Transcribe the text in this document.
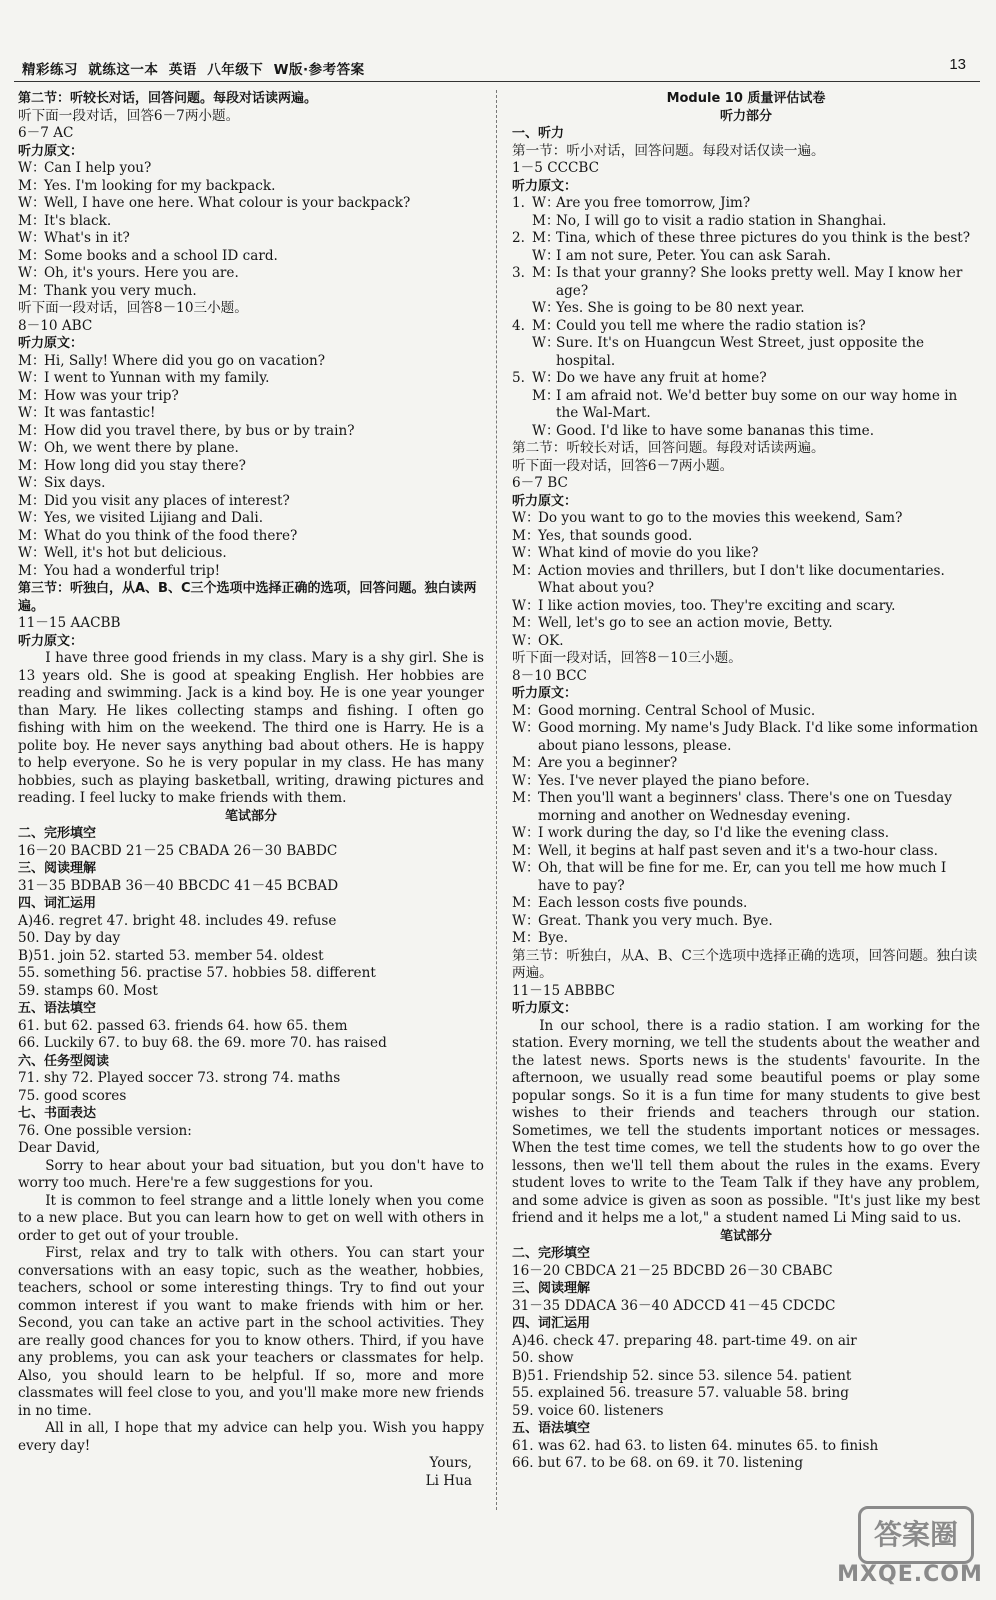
精彩练习  就练这一本  英语  八年级下  W版·参考答案	13
第二节：听较长对话，回答问题。每段对话读两遍。
听下面一段对话，回答6－7两小题。
6－7 AC
听力原文：
W：
Can I help you?
M：
Yes. I'm looking for my backpack.
W：
Well, I have one here. What colour is your backpack?
M：
It's black.
W：
What's in it?
M：
Some books and a school ID card.
W：
Oh, it's yours. Here you are.
M：
Thank you very much.
听下面一段对话，回答8－10三小题。
8－10 ABC
听力原文：
M：
Hi, Sally! Where did you go on vacation?
W：
I went to Yunnan with my family.
M：
How was your trip?
W：
It was fantastic!
M：
How did you travel there, by bus or by train?
W：
Oh, we went there by plane.
M：
How long did you stay there?
W：
Six days.
M：
Did you visit any places of interest?
W：
Yes, we visited Lijiang and Dali.
M：
What do you think of the food there?
W：
Well, it's hot but delicious.
M：
You had a wonderful trip!
第三节：听独白，从A、B、C三个选项中选择正确的选项，回答问题。独白读两遍。
11－15 AACBB
听力原文：
I have three good friends in my class. Mary is a shy girl. She is 13 years old. She is good at speaking English. Her hobbies are reading and swimming. Jack is a kind boy. He is one year younger than Mary. He likes collecting stamps and fishing. I often go fishing with him on the weekend. The third one is Harry. He is a polite boy. He never says anything bad about others. He is happy to help everyone. So he is very popular in my class. He has many hobbies, such as playing basketball, writing, drawing pictures and reading. I feel lucky to make friends with them.
笔试部分
二、完形填空
16－20 BACBD 21－25 CBADA 26－30 BABDC
三、阅读理解
31－35 BDBAB 36－40 BBCDC 41－45 BCBAD
四、词汇运用
A)46. regret 47. bright 48. includes 49. refuse
50. Day by day
B)51. join 52. started 53. member 54. oldest
55. something 56. practise 57. hobbies 58. different
59. stamps 60. Most
五、语法填空
61. but 62. passed 63. friends 64. how 65. them
66. Luckily 67. to buy 68. the 69. more 70. has raised
六、任务型阅读
71. shy 72. Played soccer 73. strong 74. maths
75. good scores
七、书面表达
76. One possible version:
Dear David,
Sorry to hear about your bad situation, but you don't have to worry too much. Here're a few suggestions for you.
It is common to feel strange and a little lonely when you come to a new place. But you can learn how to get on well with others in order to get out of your trouble.
First, relax and try to talk with others. You can start your conversations with an easy topic, such as the weather, hobbies, teachers, school or some interesting things. Try to find out your common interest if you want to make friends with him or her. Second, you can take an active part in the school activities. They are really good chances for you to know others. Third, if you have any problems, you can ask your teachers or classmates for help. Also, you should learn to be helpful. If so, more and more classmates will feel close to you, and you'll make more new friends in no time.
All in all, I hope that my advice can help you. Wish you happy every day!
Yours,
Li Hua
Module 10 质量评估试卷
听力部分
一、听力
第一节：听小对话，回答问题。每段对话仅读一遍。
1－5 CCCBC
听力原文：
1. W：
Are you free tomorrow, Jim?
M：
No, I will go to visit a radio station in Shanghai.
2. M：
Tina, which of these three pictures do you think is the best?
W：
I am not sure, Peter. You can ask Sarah.
3. M：
Is that your granny? She looks pretty well. May I know her age?
W：
Yes. She is going to be 80 next year.
4. M：
Could you tell me where the radio station is?
W：
Sure. It's on Huangcun West Street, just opposite the hospital.
5. W：
Do we have any fruit at home?
M：
I am afraid not. We'd better buy some on our way home in the Wal-Mart.
W：
Good. I'd like to have some bananas this time.
第二节：听较长对话，回答问题。每段对话读两遍。
听下面一段对话，回答6－7两小题。
6－7 BC
听力原文：
W：
Do you want to go to the movies this weekend, Sam?
M：
Yes, that sounds good.
W：
What kind of movie do you like?
M：
Action movies and thrillers, but I don't like documentaries. What about you?
W：
I like action movies, too. They're exciting and scary.
M：
Well, let's go to see an action movie, Betty.
W：
OK.
听下面一段对话，回答8－10三小题。
8－10 BCC
听力原文：
M：
Good morning. Central School of Music.
W：
Good morning. My name's Judy Black. I'd like some information about piano lessons, please.
M：
Are you a beginner?
W：
Yes. I've never played the piano before.
M：
Then you'll want a beginners' class. There's one on Tuesday morning and another on Wednesday evening.
W：
I work during the day, so I'd like the evening class.
M：
Well, it begins at half past seven and it's a two-hour class.
W：
Oh, that will be fine for me. Er, can you tell me how much I have to pay?
M：
Each lesson costs five pounds.
W：
Great. Thank you very much. Bye.
M：
Bye.
第三节：听独白，从A、B、C三个选项中选择正确的选项，回答问题。独白读两遍。
11－15 ABBBC
听力原文：
In our school, there is a radio station. I am working for the station. Every morning, we tell the students about the weather and the latest news. Sports news is the students' favourite. In the afternoon, we usually read some beautiful poems or play some popular songs. So it is a fun time for many students to give best wishes to their friends and teachers through our station. Sometimes, we tell the students important notices or messages. When the test time comes, we tell the students how to go over the lessons, then we'll tell them about the rules in the exams. Every student loves to write to the Team Talk if they have any problem, and some advice is given as soon as possible. "It's just like my best friend and it helps me a lot," a student named Li Ming said to us.
笔试部分
二、完形填空
16－20 CBDCA 21－25 BDCBD 26－30 CBABC
三、阅读理解
31－35 DDACA 36－40 ADCCD 41－45 CDCDC
四、词汇运用
A)46. check 47. preparing 48. part-time 49. on air
50. show
B)51. Friendship 52. since 53. silence 54. patient
55. explained 56. treasure 57. valuable 58. bring
59. voice 60. listeners
五、语法填空
61. was 62. had 63. to listen 64. minutes 65. to finish
66. but 67. to be 68. on 69. it 70. listening
答案圈
MXQE.COM
